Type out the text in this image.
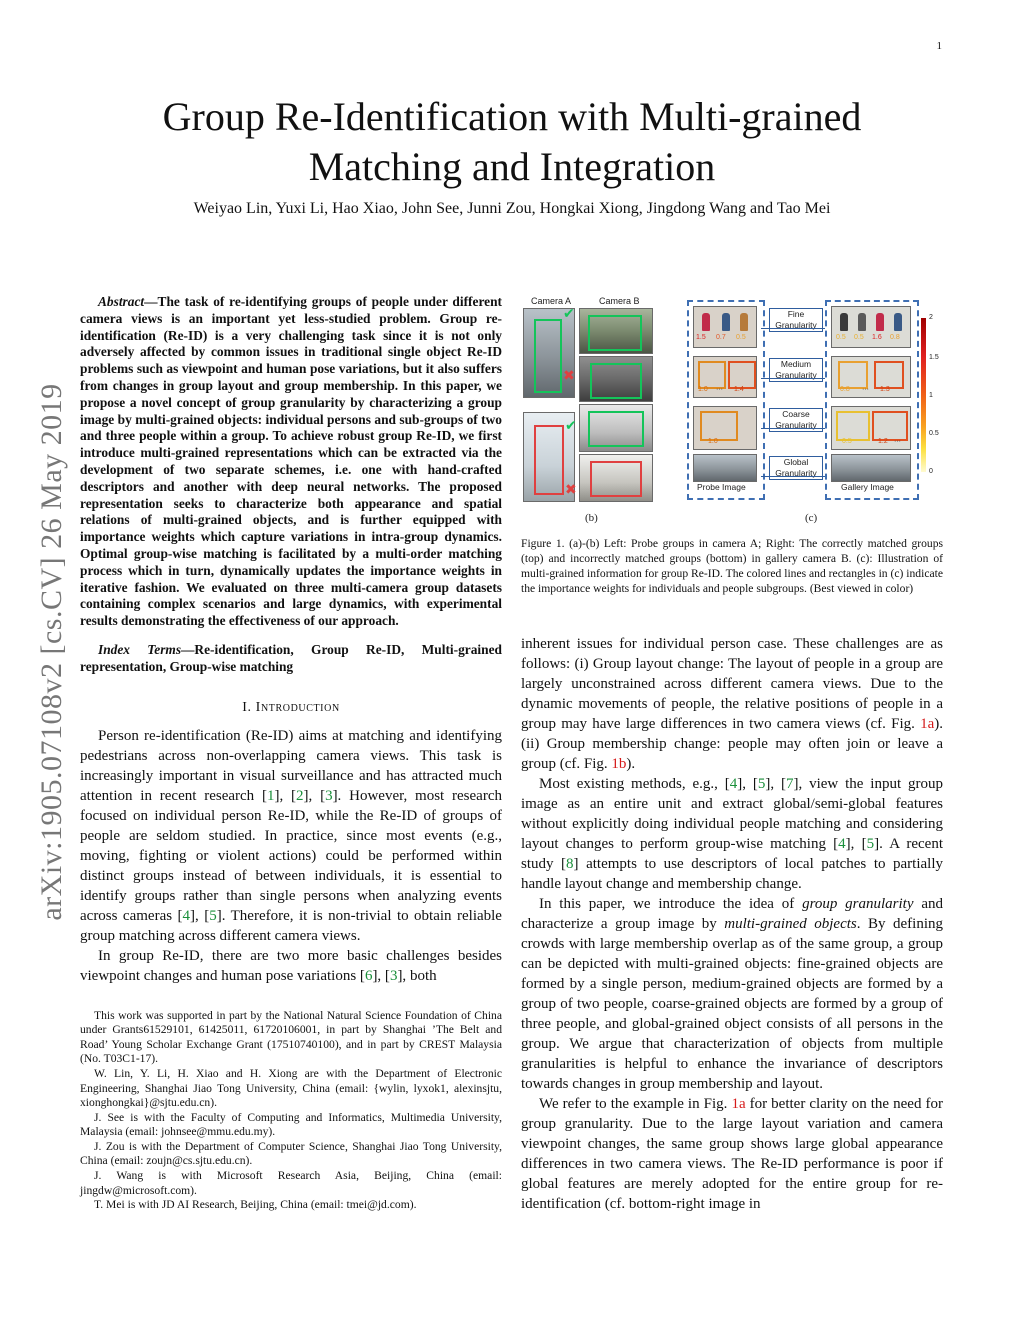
1
arXiv:1905.07108v2 [cs.CV] 26 May 2019
Group Re-Identification with Multi-grained
Matching and Integration
Weiyao Lin, Yuxi Li, Hao Xiao, John See, Junni Zou, Hongkai Xiong, Jingdong Wang and Tao Mei

Abstract—The task of re-identifying groups of people under different camera views is an important yet less-studied problem. Group re-identification (Re-ID) is a very challenging task since it is not only adversely affected by common issues in traditional single object Re-ID problems such as viewpoint and human pose variations, but it also suffers from changes in group layout and group membership. In this paper, we propose a novel concept of group granularity by characterizing a group image by multi-grained objects: individual persons and sub-groups of two and three people within a group. To achieve robust group Re-ID, we first introduce multi-grained representations which can be extracted via the development of two separate schemes, i.e. one with hand-crafted descriptors and another with deep neural networks. The proposed representation seeks to characterize both appearance and spatial relations of multi-grained objects, and is further equipped with importance weights which capture variations in intra-group dynamics. Optimal group-wise matching is facilitated by a multi-order matching process which in turn, dynamically updates the importance weights in iterative fashion. We evaluated on three multi-camera group datasets containing complex scenarios and large dynamics, with experimental results demonstrating the effectiveness of our approach.

Index Terms—Re-identification, Group Re-ID, Multi-grained representation, Group-wise matching

I. Introduction

Person re-identification (Re-ID) aims at matching and identifying pedestrians across non-overlapping camera views. This task is increasingly important in visual surveillance and has attracted much attention in recent research [1], [2], [3]. However, most research focused on individual person Re-ID, while the Re-ID of groups of people are seldom studied. In practice, since most events (e.g., moving, fighting or violent actions) could be performed within distinct groups instead of between individuals, it is essential to identify groups rather than single persons when analyzing events across cameras [4], [5]. Therefore, it is non-trivial to obtain reliable group matching across different camera views.

In group Re-ID, there are two more basic challenges besides viewpoint changes and human pose variations [6], [3], both

This work was supported in part by the National Natural Science Foundation of China under Grants61529101, 61425011, 61720106001, in part by Shanghai ’The Belt and Road’ Young Scholar Exchange Grant (17510740100), and in part by CREST Malaysia (No. T03C1-17).

W. Lin, Y. Li, H. Xiao and H. Xiong are with the Department of Electronic Engineering, Shanghai Jiao Tong University, China (email: {wylin, lyxok1, alexinsjtu, xionghongkai}@sjtu.edu.cn).

J. See is with the Faculty of Computing and Informatics, Multimedia University, Malaysia (email: johnsee@mmu.edu.my).

J. Zou is with the Department of Computer Science, Shanghai Jiao Tong University, China (email: zoujn@cs.sjtu.edu.cn).

J. Wang is with Microsoft Research Asia, Beijing, China (email: jingdw@microsoft.com).

T. Mei is with JD AI Research, Beijing, China (email: tmei@jd.com).

Camera A	Camera B
✔
✖
✔
✖
(b)
1.5 0.7 0.5
1.0 ··· 1.4
1.0
Probe Image
Fine Granularity
Medium Granularity
Coarse Granularity
Global Granularity
0.5 0.5 1.6 0.8
0.8 ··· 1.3
0.5	1.2 ···
Gallery Image
2
1.5
1
0.5
0
(c)

Figure 1. (a)-(b) Left: Probe groups in camera A; Right: The correctly matched groups (top) and incorrectly matched groups (bottom) in gallery camera B. (c): Illustration of multi-grained information for group Re-ID. The colored lines and rectangles in (c) indicate the importance weights for individuals and people subgroups. (Best viewed in color)

inherent issues for individual person case. These challenges are as follows: (i) Group layout change: The layout of people in a group are largely unconstrained across different camera views. Due to the dynamic movements of people, the relative positions of people in a group may have large differences in two camera views (cf. Fig. 1a). (ii) Group membership change: people may often join or leave a group (cf. Fig. 1b).

Most existing methods, e.g., [4], [5], [7], view the input group image as an entire unit and extract global/semi-global features without explicitly doing individual people matching and considering layout changes to perform group-wise matching [4], [5]. A recent study [8] attempts to use descriptors of local patches to partially handle layout change and membership change.

In this paper, we introduce the idea of group granularity and characterize a group image by multi-grained objects. By defining crowds with large membership overlap as of the same group, a group can be depicted with multi-grained objects: fine-grained objects are formed by a single person, medium-grained objects are formed by a group of two people, coarse-grained objects are formed by a group of three people, and global-grained object consists of all persons in the group. We argue that characterization of objects from multiple granularities is helpful to enhance the invariance of descriptors towards changes in group membership and layout.

We refer to the example in Fig. 1a for better clarity on the need for group granularity. Due to the large layout variation and camera viewpoint changes, the same group shows large global appearance differences in two camera views. The Re-ID performance is poor if global features are merely adopted for the entire group for re-identification (cf. bottom-right image in
